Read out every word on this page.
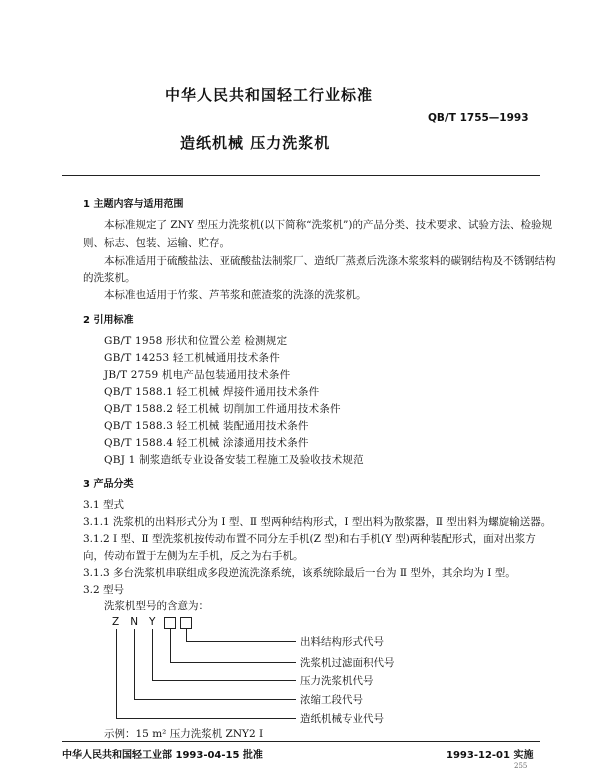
中华人民共和国轻工行业标准
QB/T 1755—1993
造纸机械 压力洗浆机
1 主题内容与适用范围
本标准规定了 ZNY 型压力洗浆机(以下简称“洗浆机”)的产品分类、技术要求、试验方法、检验规
则、标志、包装、运输、贮存。
本标准适用于硫酸盐法、亚硫酸盐法制浆厂、造纸厂蒸煮后洗涤木浆浆料的碳钢结构及不锈钢结构
的洗浆机。
本标准也适用于竹浆、芦苇浆和蔗渣浆的洗涤的洗浆机。
2 引用标准
GB/T 1958 形状和位置公差 检测规定
GB/T 14253 轻工机械通用技术条件
JB/T 2759 机电产品包装通用技术条件
QB/T 1588.1 轻工机械 焊接件通用技术条件
QB/T 1588.2 轻工机械 切削加工件通用技术条件
QB/T 1588.3 轻工机械 装配通用技术条件
QB/T 1588.4 轻工机械 涂漆通用技术条件
QBJ 1 制浆造纸专业设备安装工程施工及验收技术规范
3 产品分类
3.1 型式
3.1.1 洗浆机的出料形式分为 Ⅰ 型、Ⅱ 型两种结构形式，Ⅰ 型出料为散浆器，Ⅱ 型出料为螺旋输送器。
3.1.2 Ⅰ 型、Ⅱ 型洗浆机按传动布置不同分左手机(Z 型)和右手机(Y 型)两种装配形式，面对出浆方
向，传动布置于左侧为左手机，反之为右手机。
3.1.3 多台洗浆机串联组成多段逆流洗涤系统，该系统除最后一台为 Ⅱ 型外，其余均为 Ⅰ 型。
3.2 型号
洗浆机型号的含意为：
ZNY
出料结构形式代号
洗浆机过滤面积代号
压力洗浆机代号
浓缩工段代号
造纸机械专业代号
示例：15 m² 压力洗浆机 ZNY2 Ⅰ
中华人民共和国轻工业部 1993-04-15 批准	1993-12-01 实施
255
